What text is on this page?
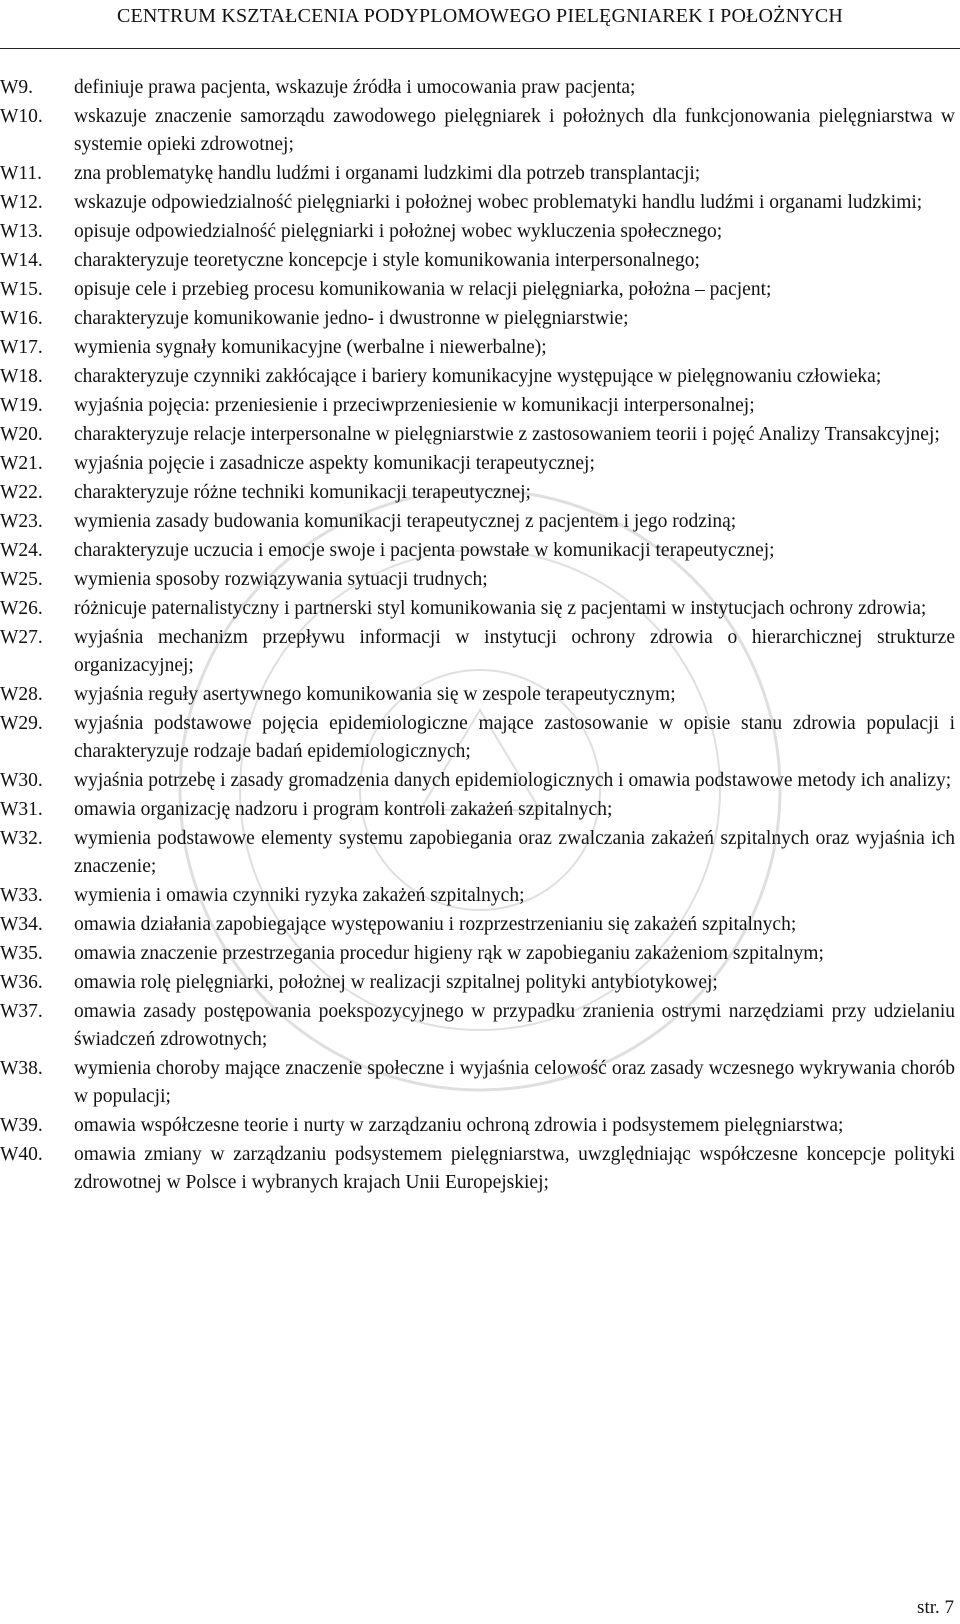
CENTRUM KSZTAŁCENIA PODYPLOMOWEGO PIELĘGNIAREK I POŁOŻNYCH
W9.	definiuje prawa pacjenta, wskazuje źródła i umocowania praw pacjenta;
W10.	wskazuje znaczenie samorządu zawodowego pielęgniarek i położnych dla funkcjonowania pielęgniarstwa w systemie opieki zdrowotnej;
W11.	zna problematykę handlu ludźmi i organami ludzkimi dla potrzeb transplantacji;
W12.	wskazuje odpowiedzialność pielęgniarki i położnej wobec problematyki handlu ludźmi i organami ludzkimi;
W13.	opisuje odpowiedzialność pielęgniarki i położnej wobec wykluczenia społecznego;
W14.	charakteryzuje teoretyczne koncepcje i style komunikowania interpersonalnego;
W15.	opisuje cele i przebieg procesu komunikowania w relacji pielęgniarka, położna – pacjent;
W16.	charakteryzuje komunikowanie jedno- i dwustronne w pielęgniarstwie;
W17.	wymienia sygnały komunikacyjne (werbalne i niewerbalne);
W18.	charakteryzuje czynniki zakłócające i bariery komunikacyjne występujące w pielęgnowaniu człowieka;
W19.	wyjaśnia pojęcia: przeniesienie i przeciwprzeniesienie w komunikacji interpersonalnej;
W20.	charakteryzuje relacje interpersonalne w pielęgniarstwie z zastosowaniem teorii i pojęć Analizy Transakcyjnej;
W21.	wyjaśnia pojęcie i zasadnicze aspekty komunikacji terapeutycznej;
W22.	charakteryzuje różne techniki komunikacji terapeutycznej;
W23.	wymienia zasady budowania komunikacji terapeutycznej z pacjentem i jego rodziną;
W24.	charakteryzuje uczucia i emocje swoje i pacjenta powstałe w komunikacji terapeutycznej;
W25.	wymienia sposoby rozwiązywania sytuacji trudnych;
W26.	różnicuje paternalistyczny i partnerski styl komunikowania się z pacjentami w instytucjach ochrony zdrowia;
W27.	wyjaśnia mechanizm przepływu informacji w instytucji ochrony zdrowia o hierarchicznej strukturze organizacyjnej;
W28.	wyjaśnia reguły asertywnego komunikowania się w zespole terapeutycznym;
W29.	wyjaśnia podstawowe pojęcia epidemiologiczne mające zastosowanie w opisie stanu zdrowia populacji i charakteryzuje rodzaje badań epidemiologicznych;
W30.	wyjaśnia potrzebę i zasady gromadzenia danych epidemiologicznych i omawia podstawowe metody ich analizy;
W31.	omawia organizację nadzoru i program kontroli zakażeń szpitalnych;
W32.	wymienia podstawowe elementy systemu zapobiegania oraz zwalczania zakażeń szpitalnych oraz wyjaśnia ich znaczenie;
W33.	wymienia i omawia czynniki ryzyka zakażeń szpitalnych;
W34.	omawia działania zapobiegające występowaniu i rozprzestrzenianiu się zakażeń szpitalnych;
W35.	omawia znaczenie przestrzegania procedur higieny rąk w zapobieganiu zakażeniom szpitalnym;
W36.	omawia rolę pielęgniarki, położnej w realizacji szpitalnej polityki antybiotykowej;
W37.	omawia zasady postępowania poekspozycyjnego w przypadku zranienia ostrymi narzędziami przy udzielaniu świadczeń zdrowotnych;
W38.	wymienia choroby mające znaczenie społeczne i wyjaśnia celowość oraz zasady wczesnego wykrywania chorób w populacji;
W39.	omawia współczesne teorie i nurty w zarządzaniu ochroną zdrowia i podsystemem pielęgniarstwa;
W40.	omawia zmiany w zarządzaniu podsystemem pielęgniarstwa, uwzględniając współczesne koncepcje polityki zdrowotnej w Polsce i wybranych krajach Unii Europejskiej;
str. 7
